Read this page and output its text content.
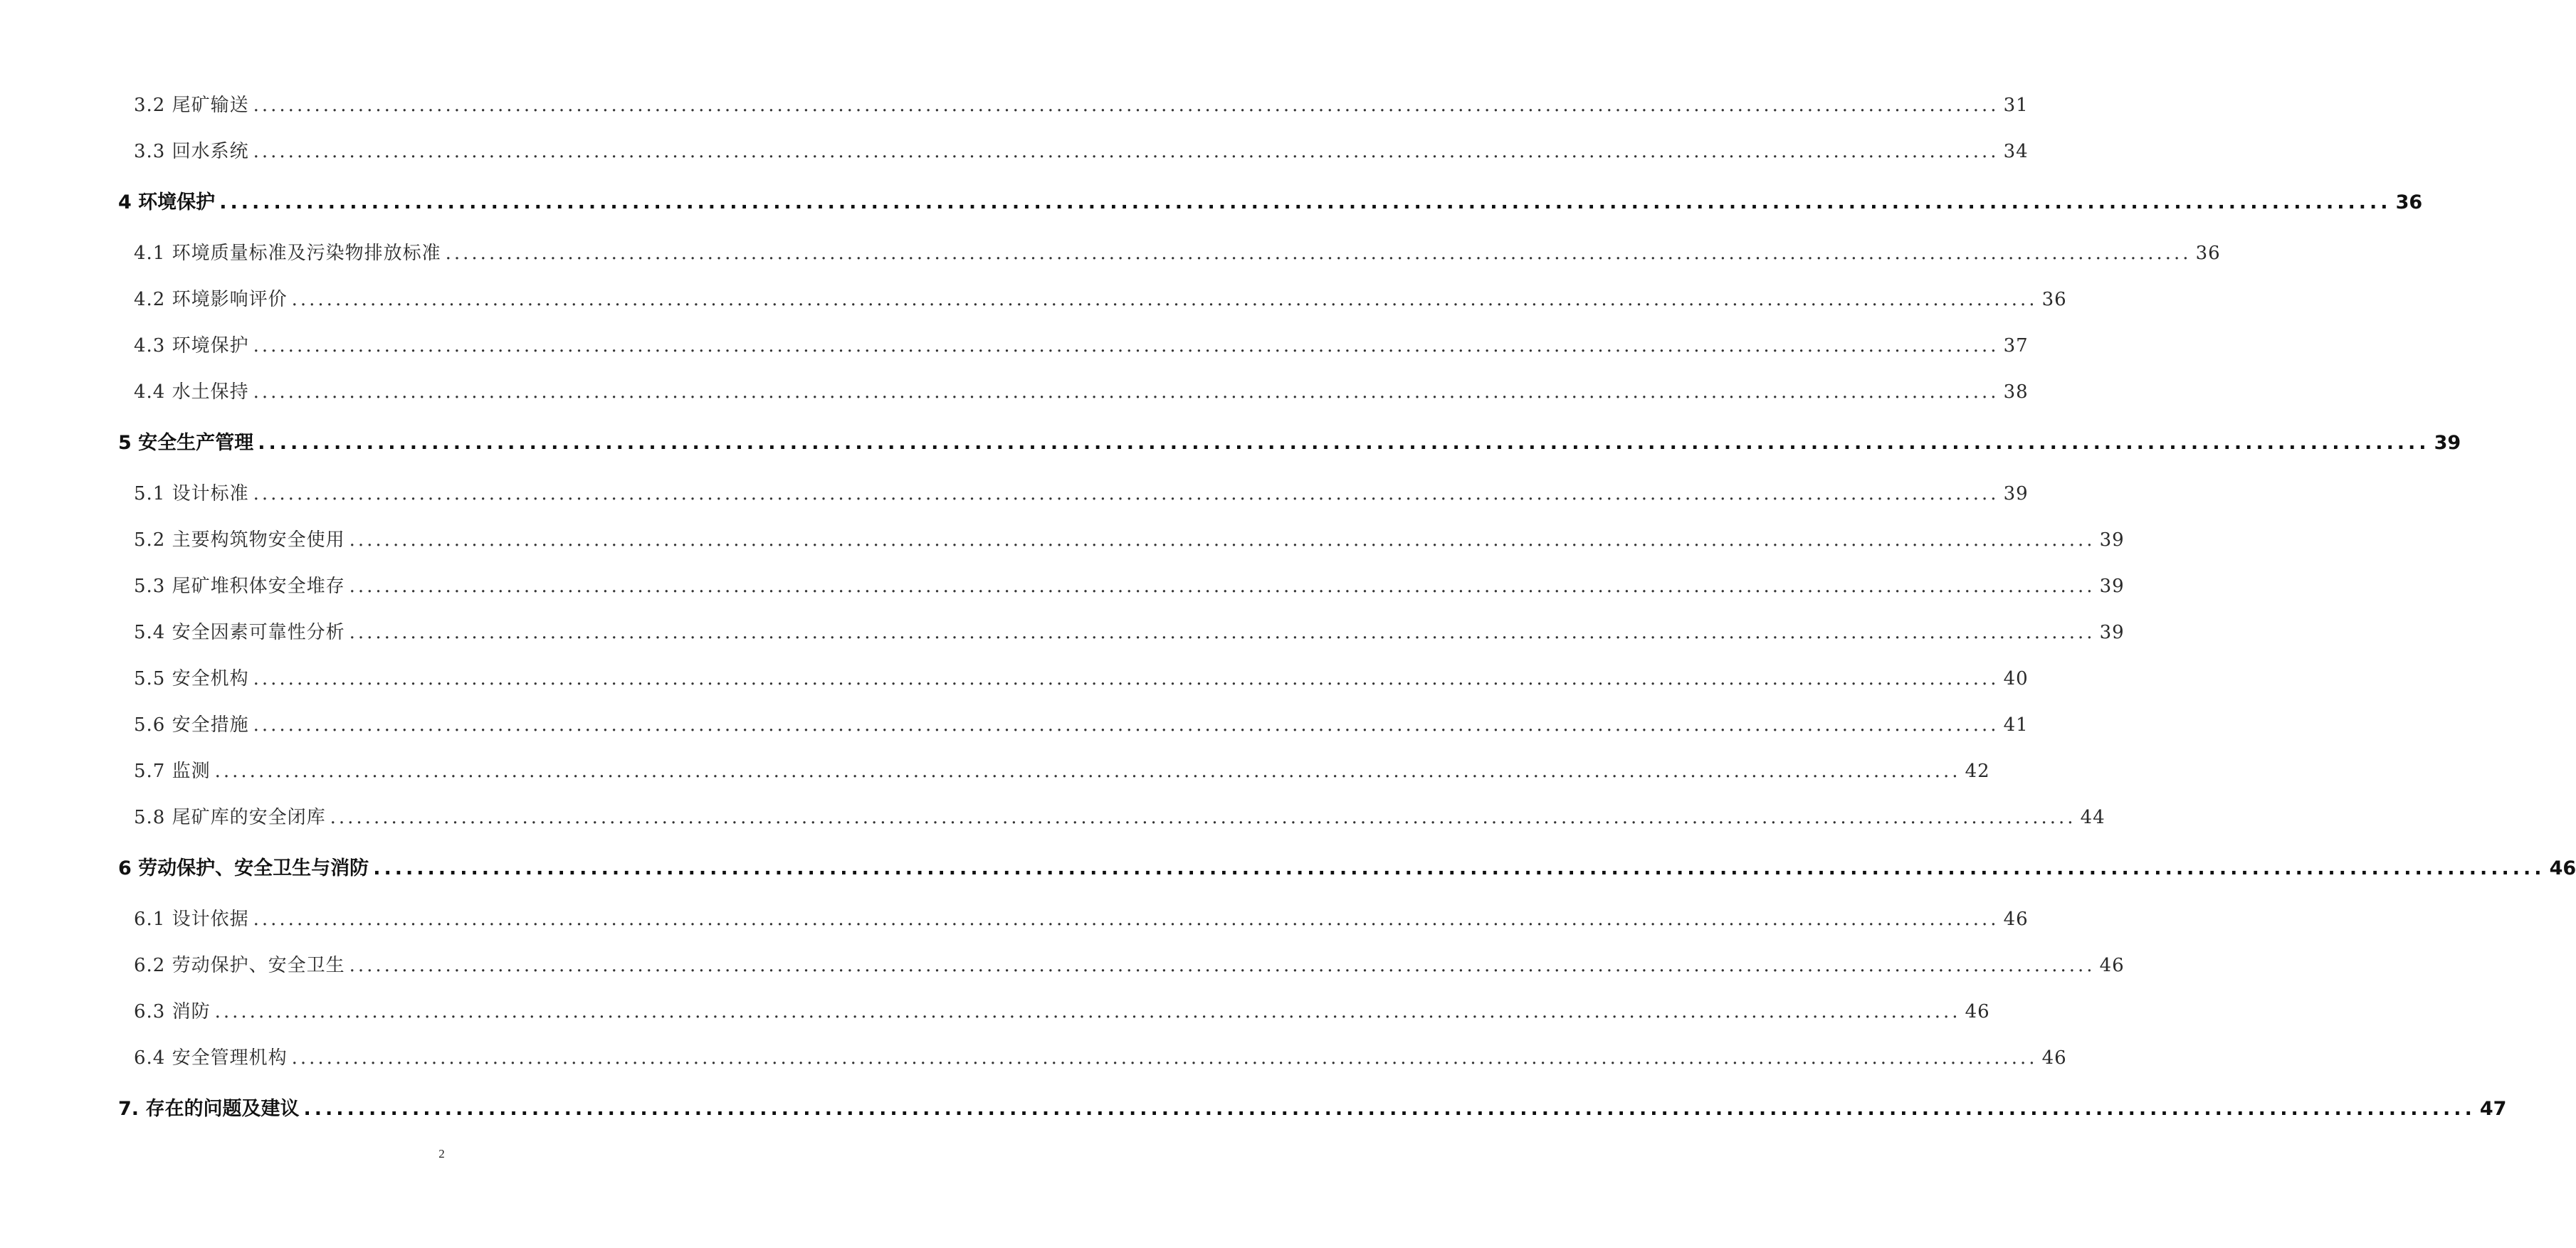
3.2 尾矿输送 ........................................................................................................................................................................................................ 31
3.3 回水系统 ........................................................................................................................................................................................................ 34
4 环境保护 ........................................................................................................................................................................................................ 36
4.1 环境质量标准及污染物排放标准 ........................................................................................................................................................................................................ 36
4.2 环境影响评价 ........................................................................................................................................................................................................ 36
4.3 环境保护 ........................................................................................................................................................................................................ 37
4.4 水土保持 ........................................................................................................................................................................................................ 38
5 安全生产管理 ........................................................................................................................................................................................................ 39
5.1 设计标准 ........................................................................................................................................................................................................ 39
5.2 主要构筑物安全使用 ........................................................................................................................................................................................................ 39
5.3 尾矿堆积体安全堆存 ........................................................................................................................................................................................................ 39
5.4 安全因素可靠性分析 ........................................................................................................................................................................................................ 39
5.5 安全机构 ........................................................................................................................................................................................................ 40
5.6 安全措施 ........................................................................................................................................................................................................ 41
5.7 监测 ........................................................................................................................................................................................................ 42
5.8 尾矿库的安全闭库 ........................................................................................................................................................................................................ 44
6 劳动保护、安全卫生与消防 ........................................................................................................................................................................................................ 46
6.1 设计依据 ........................................................................................................................................................................................................ 46
6.2 劳动保护、安全卫生 ........................................................................................................................................................................................................ 46
6.3 消防 ........................................................................................................................................................................................................ 46
6.4 安全管理机构 ........................................................................................................................................................................................................ 46
7. 存在的问题及建议 ........................................................................................................................................................................................................ 47
2
